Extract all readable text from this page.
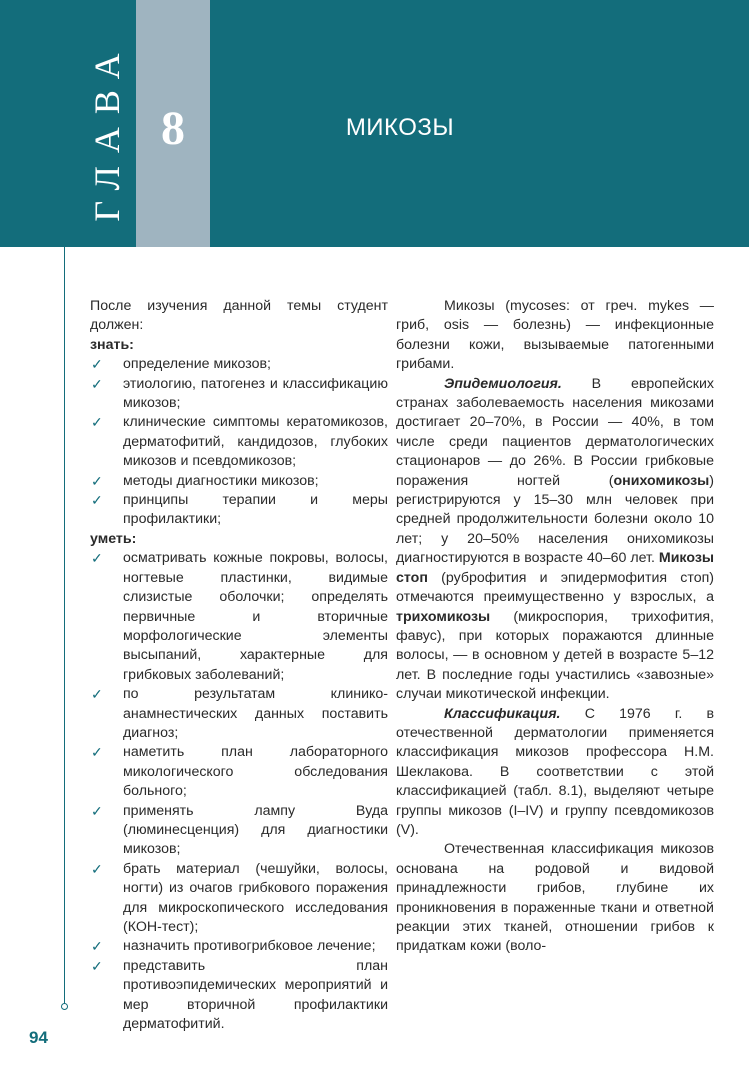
ГЛАВА 8	МИКОЗЫ
94

После изучения данной темы студент должен:

знать:
✓ определение микозов;
✓ этиологию, патогенез и классификацию микозов;
✓ клинические симптомы кератомикозов, дерматофитий, кандидозов, глубоких микозов и псевдомикозов;
✓ методы диагностики микозов;
✓ принципы терапии и меры профилактики;
уметь:
✓ осматривать кожные покровы, волосы, ногтевые пластинки, видимые слизистые оболочки; определять первичные и вторичные морфологические элементы высыпаний, характерные для грибковых заболеваний;
✓ по результатам клинико-анамнестических данных поставить диагноз;
✓ наметить план лабораторного микологического обследования больного;
✓ применять лампу Вуда (люминесценция) для диагностики микозов;
✓ брать материал (чешуйки, волосы, ногти) из очагов грибкового поражения для микроскопического исследования (КОН-тест);
✓ назначить противогрибковое лечение;
✓ представить план противоэпидемических мероприятий и мер вторичной профилактики дерматофитий.

Микозы (mycoses: от греч. mykes — гриб, osis — болезнь) — инфекционные болезни кожи, вызываемые патогенными грибами.

Эпидемиология. В европейских странах заболеваемость населения микозами достигает 20–70%, в России — 40%, в том числе среди пациентов дерматологических стационаров — до 26%. В России грибковые поражения ногтей (онихомикозы) регистрируются у 15–30 млн человек при средней продолжительности болезни около 10 лет; у 20–50% населения онихомикозы диагностируются в возрасте 40–60 лет. Микозы стоп (руброфития и эпидермофития стоп) отмечаются преимущественно у взрослых, а трихомикозы (микроспория, трихофития, фавус), при которых поражаются длинные волосы, — в основном у детей в возрасте 5–12 лет. В последние годы участились «завозные» случаи микотической инфекции.

Классификация. С 1976 г. в отечественной дерматологии применяется классификация микозов профессора Н.М. Шеклакова. В соответствии с этой классификацией (табл. 8.1), выделяют четыре группы микозов (I–IV) и группу псевдомикозов (V).

Отечественная классификация микозов основана на родовой и видовой принадлежности грибов, глубине их проникновения в пораженные ткани и ответной реакции этих тканей, отношении грибов к придаткам кожи (воло-
